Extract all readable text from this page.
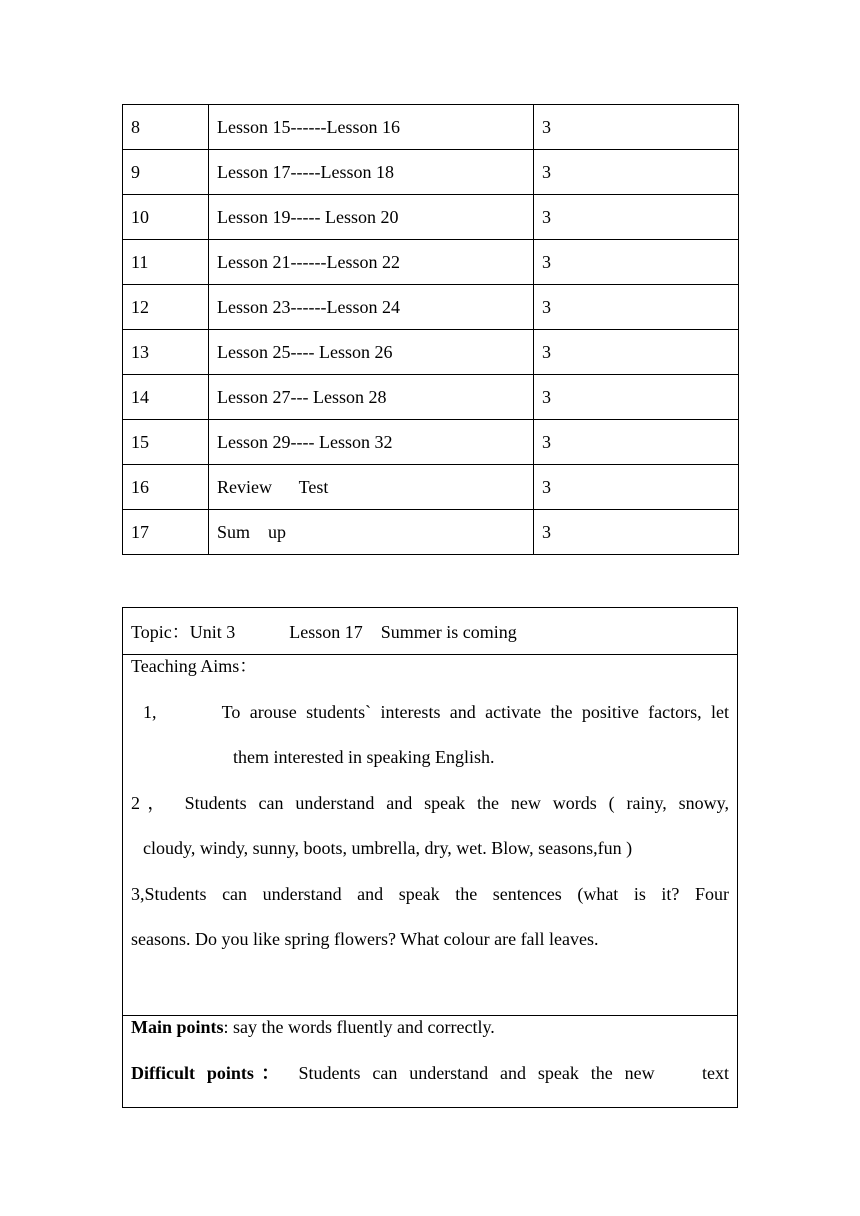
8	Lesson 15------Lesson 16	3
9	Lesson 17-----Lesson 18	3
10	Lesson 19----- Lesson 20	3
11	Lesson 21------Lesson 22	3
12	Lesson 23------Lesson 24	3
13	Lesson 25---- Lesson 26	3
14	Lesson 27--- Lesson 28	3
15	Lesson 29---- Lesson 32	3
16	Review      Test	3
17	Sum    up	3
Topic：Unit 3            Lesson 17    Summer is coming

Teaching Aims：
1,       To arouse students` interests and activate the positive factors, let
them interested in speaking English.
2， Students can understand and speak the new words ( rainy, snowy,
cloudy, windy, sunny, boots, umbrella, dry, wet. Blow, seasons,fun )
3,Students can understand and speak the sentences (what is it? Four
seasons. Do you like spring flowers? What colour are fall leaves.

Main points: say the words fluently and correctly.
Difficult points： Students can understand and speak the new    text
